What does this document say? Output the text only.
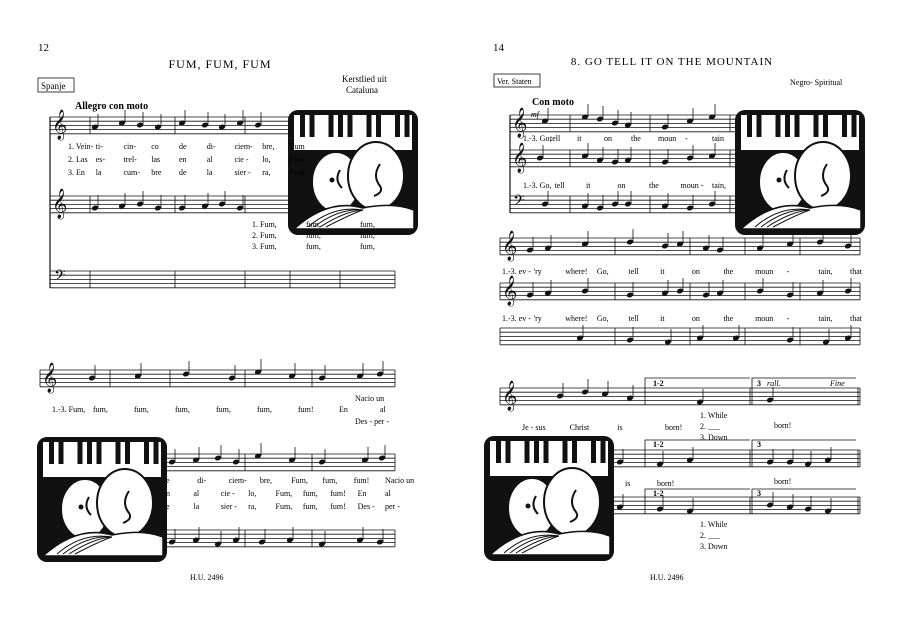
𝄞
𝄞
𝄢
𝄞
𝄞
𝄞
𝄢
𝄞
𝄞
𝄞
12
FUM, FUM, FUM
Spanje
Kerstlied uit
Cataluna
Allegro con moto
1. Vein- ti-	cin- co	de	di- ciem- bre, Fum
2. Las es- trel- las en	al	cie - lo, Fum
3. En la	cum- bre de	la	sier - ra, Fum
1. Fum,	fum,	fum,
2. Fum,	fum,	fum,
3. Fum,	fum,	fum,
1.-3. Fum, fum,	fum,	fum,	fum,	fum,	fum!	En	al
Nacio un
Des - per -
e	di-	ciem- bre, Fum, fum, fum! Nacio un
n	al	cie - lo, Fum, fum, fum! En al
e	la	sier - ra, Fum, fum, fum! Des - per -
H.U. 2496
14
8. GO TELL IT ON THE MOUNTAIN
Ver. Staten	Negro- Spiritual
Con moto
mf
1.-3. Go,
tell it	on the moun -	tain
1.-3. Go, tell	it	on	the	moun - tain,
1.-3. ev - 'ry	where! Go, tell	it	on	the	moun -	tain, that
1.-3. ev - 'ry	where! Go, tell	it	on	the	moun -	tain, that
Je - sus	Christ	is	born!	born!
1. While
2. ___
3. Down
is	born!	born!
1. While
2. ___
3. Down
1-2	3 rall.	Fine
1-2	3
1-2	3
H.U. 2496
